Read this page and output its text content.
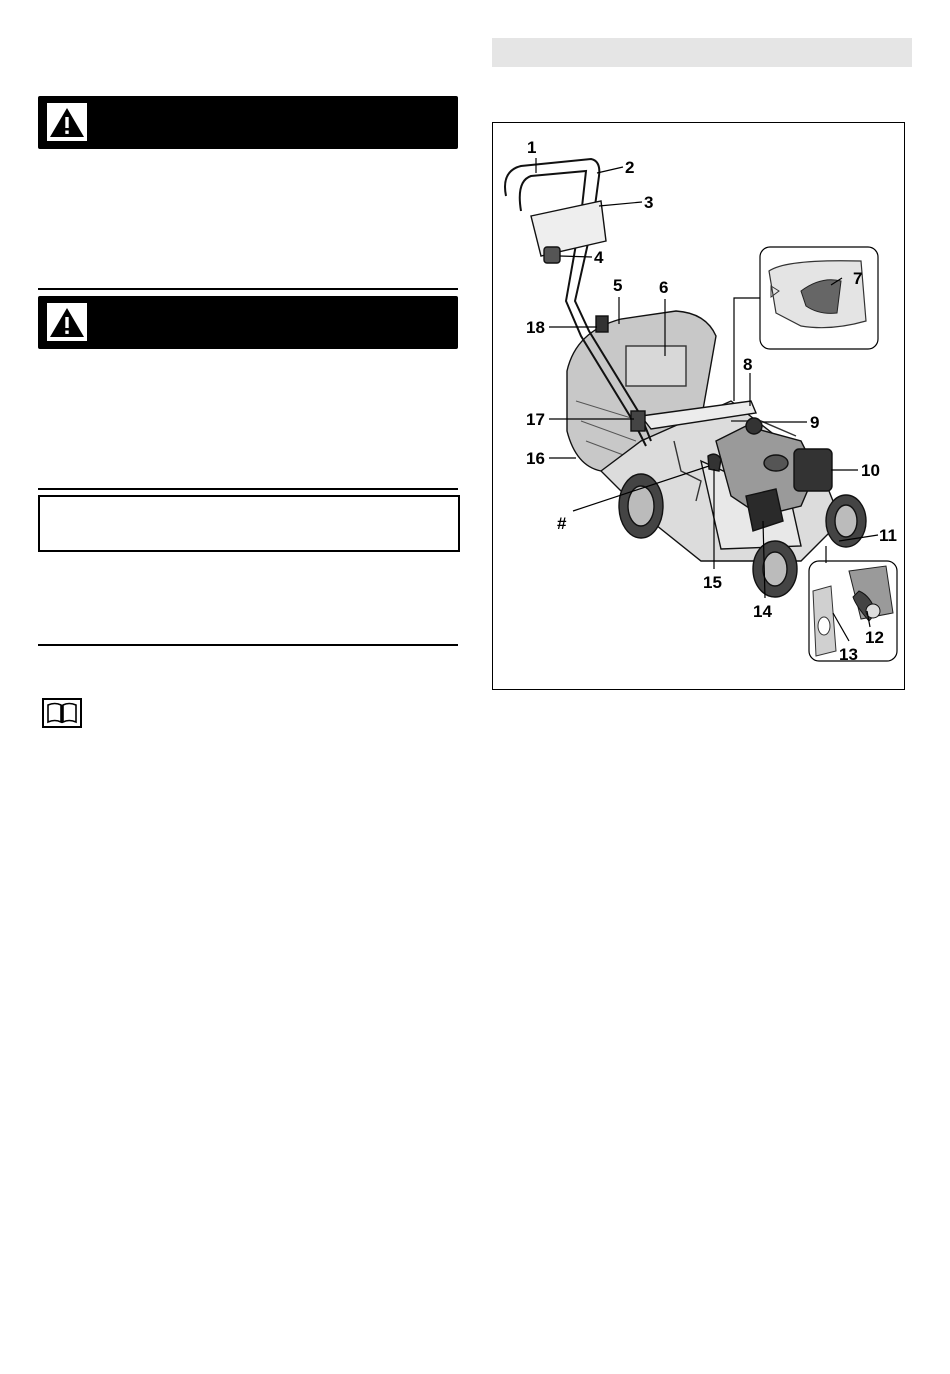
1
2
3
4
5 6	7
8
9
10
11
12
13
14
15
16
17
18
#
